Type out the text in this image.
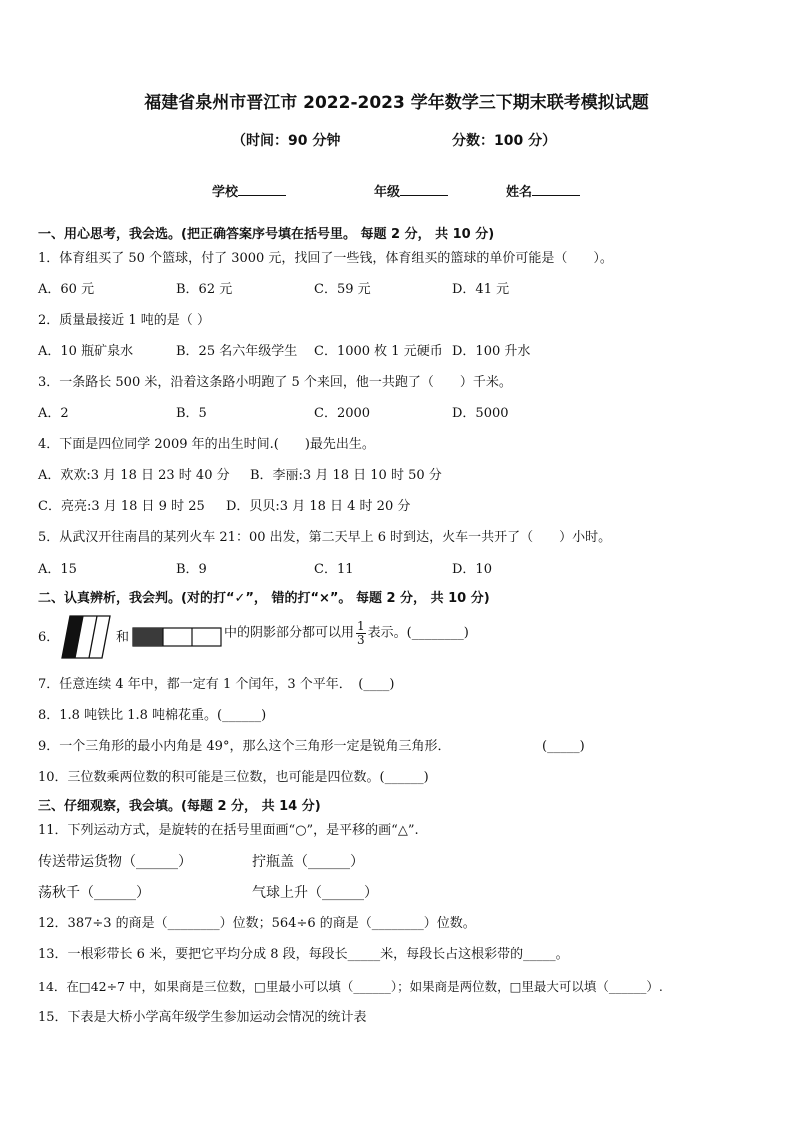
福建省泉州市晋江市 2022-2023 学年数学三下期末联考模拟试题
（时间：90 分钟	分数：100 分）
学校	年级	姓名
一、用心思考，我会选。(把正确答案序号填在括号里。 每题 2 分， 共 10 分)
1．体育组买了 50 个篮球，付了 3000 元，找回了一些钱，体育组买的篮球的单价可能是（　　）。
A．60 元	B．62 元	C．59 元	D．41 元
2．质量最接近 1 吨的是（ ）
A．10 瓶矿泉水	B．25 名六年级学生 C．1000 枚 1 元硬币 D．100 升水
3．一条路长 500 米，沿着这条路小明跑了 5 个来回，他一共跑了（　　）千米。
A．2	B．5	C．2000	D．5000
4．下面是四位同学 2009 年的出生时间.(　　)最先出生。
A．欢欢:3 月 18 日 23 时 40 分 B．李丽:3 月 18 日 10 时 50 分
C．亮亮:3 月 18 日 9 时 25 D．贝贝:3 月 18 日 4 时 20 分
5．从武汉开往南昌的某列火车 21：00 出发，第二天早上 6 时到达，火车一共开了（　　）小时。
A．15	B．9	C．11	D．10
二、认真辨析，我会判。(对的打“✓”， 错的打“×”。 每题 2 分， 共 10 分)
6．	和	中的阴影部分都可以用 $\frac{1}{3}$ 表示。(________)
7．任意连续 4 年中，都一定有 1 个闰年，3 个平年．　(____)
8．1.8 吨铁比 1.8 吨棉花重。(______)
9．一个三角形的最小内角是 49°，那么这个三角形一定是锐角三角形．	(_____)
10．三位数乘两位数的积可能是三位数，也可能是四位数。(______)
三、仔细观察，我会填。(每题 2 分， 共 14 分)
11．下列运动方式，是旋转的在括号里面画“○”，是平移的画“△”.
传送带运货物（______）	拧瓶盖（______）
荡秋千（______）	气球上升（______）
12．387÷3 的商是（________）位数；564÷6 的商是（________）位数。
13．一根彩带长 6 米，要把它平均分成 8 段，每段长_____米，每段长占这根彩带的_____。
14．在□42÷7 中，如果商是三位数，□里最小可以填（______）；如果商是两位数，□里最大可以填（______）.
15．下表是大桥小学高年级学生参加运动会情况的统计表
